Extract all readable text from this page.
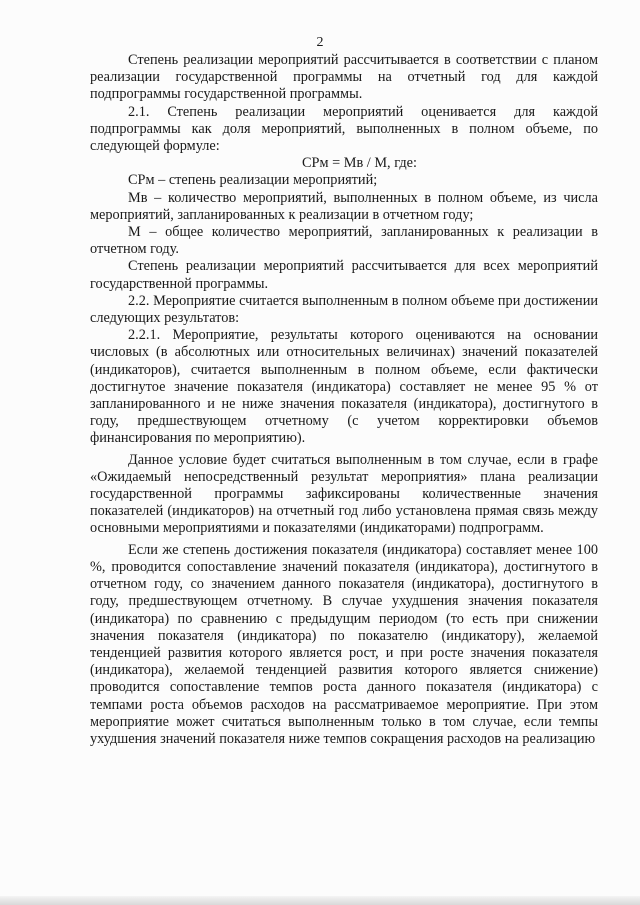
2

Степень реализации мероприятий рассчитывается в соответствии с планом реализации государственной программы на отчетный год для каждой подпрограммы государственной программы.

2.1. Степень реализации мероприятий оценивается для каждой подпрограммы как доля мероприятий, выполненных в полном объеме, по следующей формуле:

СРм = Мв / М, где:

СРм – степень реализации мероприятий;

Мв – количество мероприятий, выполненных в полном объеме, из числа мероприятий, запланированных к реализации в отчетном году;

М – общее количество мероприятий, запланированных к реализации в отчетном году.

Степень реализации мероприятий рассчитывается для всех мероприятий государственной программы.

2.2. Мероприятие считается выполненным в полном объеме при достижении следующих результатов:

2.2.1. Мероприятие, результаты которого оцениваются на основании числовых (в абсолютных или относительных величинах) значений показателей (индикаторов), считается выполненным в полном объеме, если фактически достигнутое значение показателя (индикатора) составляет не менее 95 % от запланированного и не ниже значения показателя (индикатора), достигнутого в году, предшествующем отчетному (с учетом корректировки объемов финансирования по мероприятию).

Данное условие будет считаться выполненным в том случае, если в графе «Ожидаемый непосредственный результат мероприятия» плана реализации государственной программы зафиксированы количественные значения показателей (индикаторов) на отчетный год либо установлена прямая связь между основными мероприятиями и показателями (индикаторами) подпрограмм.

Если же степень достижения показателя (индикатора) составляет менее 100 %, проводится сопоставление значений показателя (индикатора), достигнутого в отчетном году, со значением данного показателя (индикатора), достигнутого в году, предшествующем отчетному. В случае ухудшения значения показателя (индикатора) по сравнению с предыдущим периодом (то есть при снижении значения показателя (индикатора) по показателю (индикатору), желаемой тенденцией развития которого является рост, и при росте значения показателя (индикатора), желаемой тенденцией развития которого является снижение) проводится сопоставление темпов роста данного показателя (индикатора) с темпами роста объемов расходов на рассматриваемое мероприятие. При этом мероприятие может считаться выполненным только в том случае, если темпы ухудшения значений показателя ниже темпов сокращения расходов на реализацию
